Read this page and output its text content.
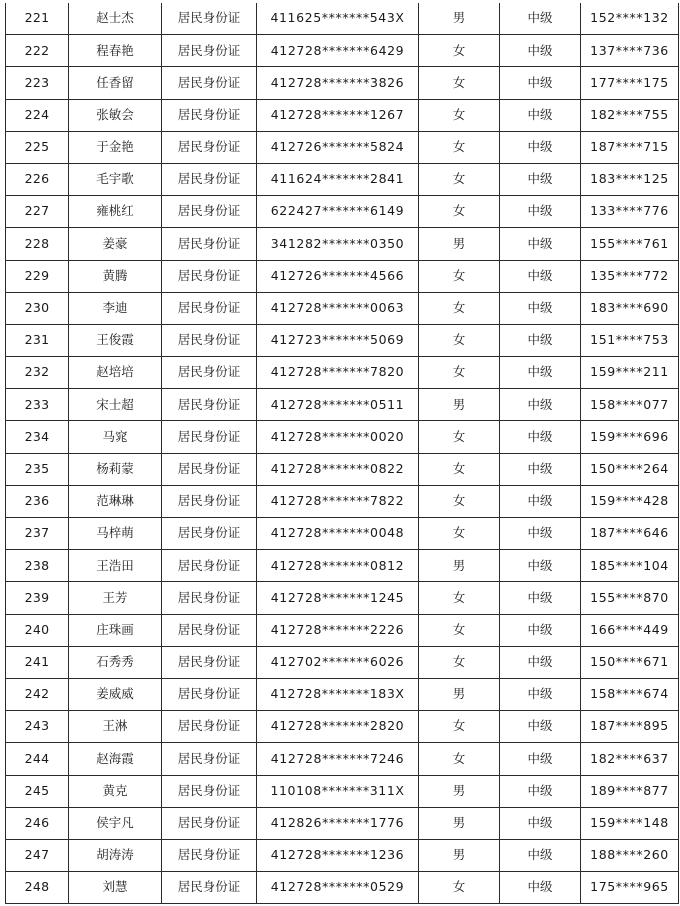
221	赵士杰	居民身份证	411625*******543X	男	中级	152****132
222	程春艳	居民身份证	412728*******6429	女	中级	137****736
223	任香留	居民身份证	412728*******3826	女	中级	177****175
224	张敏会	居民身份证	412728*******1267	女	中级	182****755
225	于金艳	居民身份证	412726*******5824	女	中级	187****715
226	毛宇歌	居民身份证	411624*******2841	女	中级	183****125
227	雍桃红	居民身份证	622427*******6149	女	中级	133****776
228	姜豪	居民身份证	341282*******0350	男	中级	155****761
229	黄腾	居民身份证	412726*******4566	女	中级	135****772
230	李迪	居民身份证	412728*******0063	女	中级	183****690
231	王俊霞	居民身份证	412723*******5069	女	中级	151****753
232	赵培培	居民身份证	412728*******7820	女	中级	159****211
233	宋士超	居民身份证	412728*******0511	男	中级	158****077
234	马窕	居民身份证	412728*******0020	女	中级	159****696
235	杨莉蒙	居民身份证	412728*******0822	女	中级	150****264
236	范琳琳	居民身份证	412728*******7822	女	中级	159****428
237	马梓萌	居民身份证	412728*******0048	女	中级	187****646
238	王浩田	居民身份证	412728*******0812	男	中级	185****104
239	王芳	居民身份证	412728*******1245	女	中级	155****870
240	庄珠画	居民身份证	412728*******2226	女	中级	166****449
241	石秀秀	居民身份证	412702*******6026	女	中级	150****671
242	姜威威	居民身份证	412728*******183X	男	中级	158****674
243	王淋	居民身份证	412728*******2820	女	中级	187****895
244	赵海霞	居民身份证	412728*******7246	女	中级	182****637
245	黄克	居民身份证	110108*******311X	男	中级	189****877
246	侯宇凡	居民身份证	412826*******1776	男	中级	159****148
247	胡涛涛	居民身份证	412728*******1236	男	中级	188****260
248	刘慧	居民身份证	412728*******0529	女	中级	175****965
